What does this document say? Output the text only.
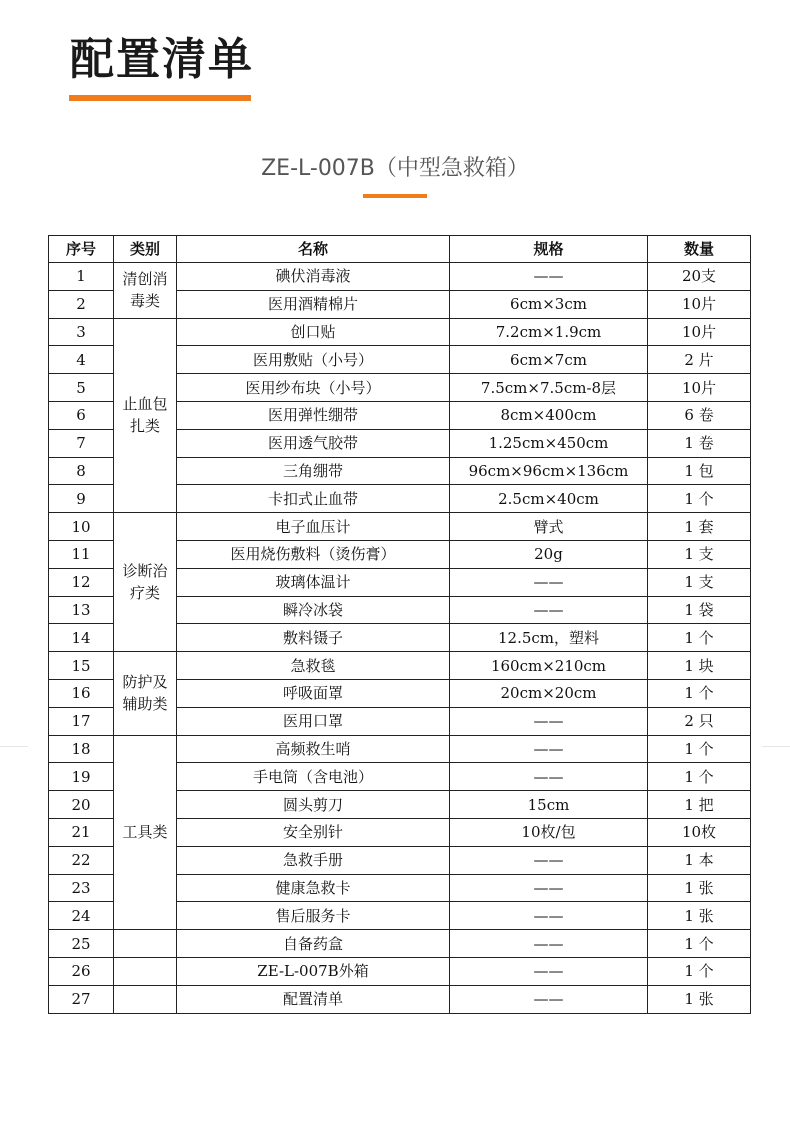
配置清单
ZE-L-007B（中型急救箱）
序号	类别	名称	规格	数量
1	清创消毒类	碘伏消毒液	——	20支
2		医用酒精棉片	6cm×3cm	10片
3	止血包扎类	创口贴	7.2cm×1.9cm	10片
4		医用敷贴（小号）	6cm×7cm	2 片
5		医用纱布块（小号）	7.5cm×7.5cm-8层	10片
6		医用弹性绷带	8cm×400cm	6 卷
7		医用透气胶带	1.25cm×450cm	1 卷
8		三角绷带	96cm×96cm×136cm	1 包
9		卡扣式止血带	2.5cm×40cm	1 个
10	诊断治疗类	电子血压计	臂式	1 套
11		医用烧伤敷料（烫伤膏）	20g	1 支
12		玻璃体温计	——	1 支
13		瞬冷冰袋	——	1 袋
14		敷料镊子	12.5cm，塑料	1 个
15	防护及辅助类	急救毯	160cm×210cm	1 块
16		呼吸面罩	20cm×20cm	1 个
17		医用口罩	——	2 只
18	工具类	高频救生哨	——	1 个
19		手电筒（含电池）	——	1 个
20		圆头剪刀	15cm	1 把
21		安全别针	10枚/包	10枚
22		急救手册	——	1 本
23		健康急救卡	——	1 张
24		售后服务卡	——	1 张
25		自备药盒	——	1 个
26		ZE-L-007B外箱	——	1 个
27		配置清单	——	1 张
